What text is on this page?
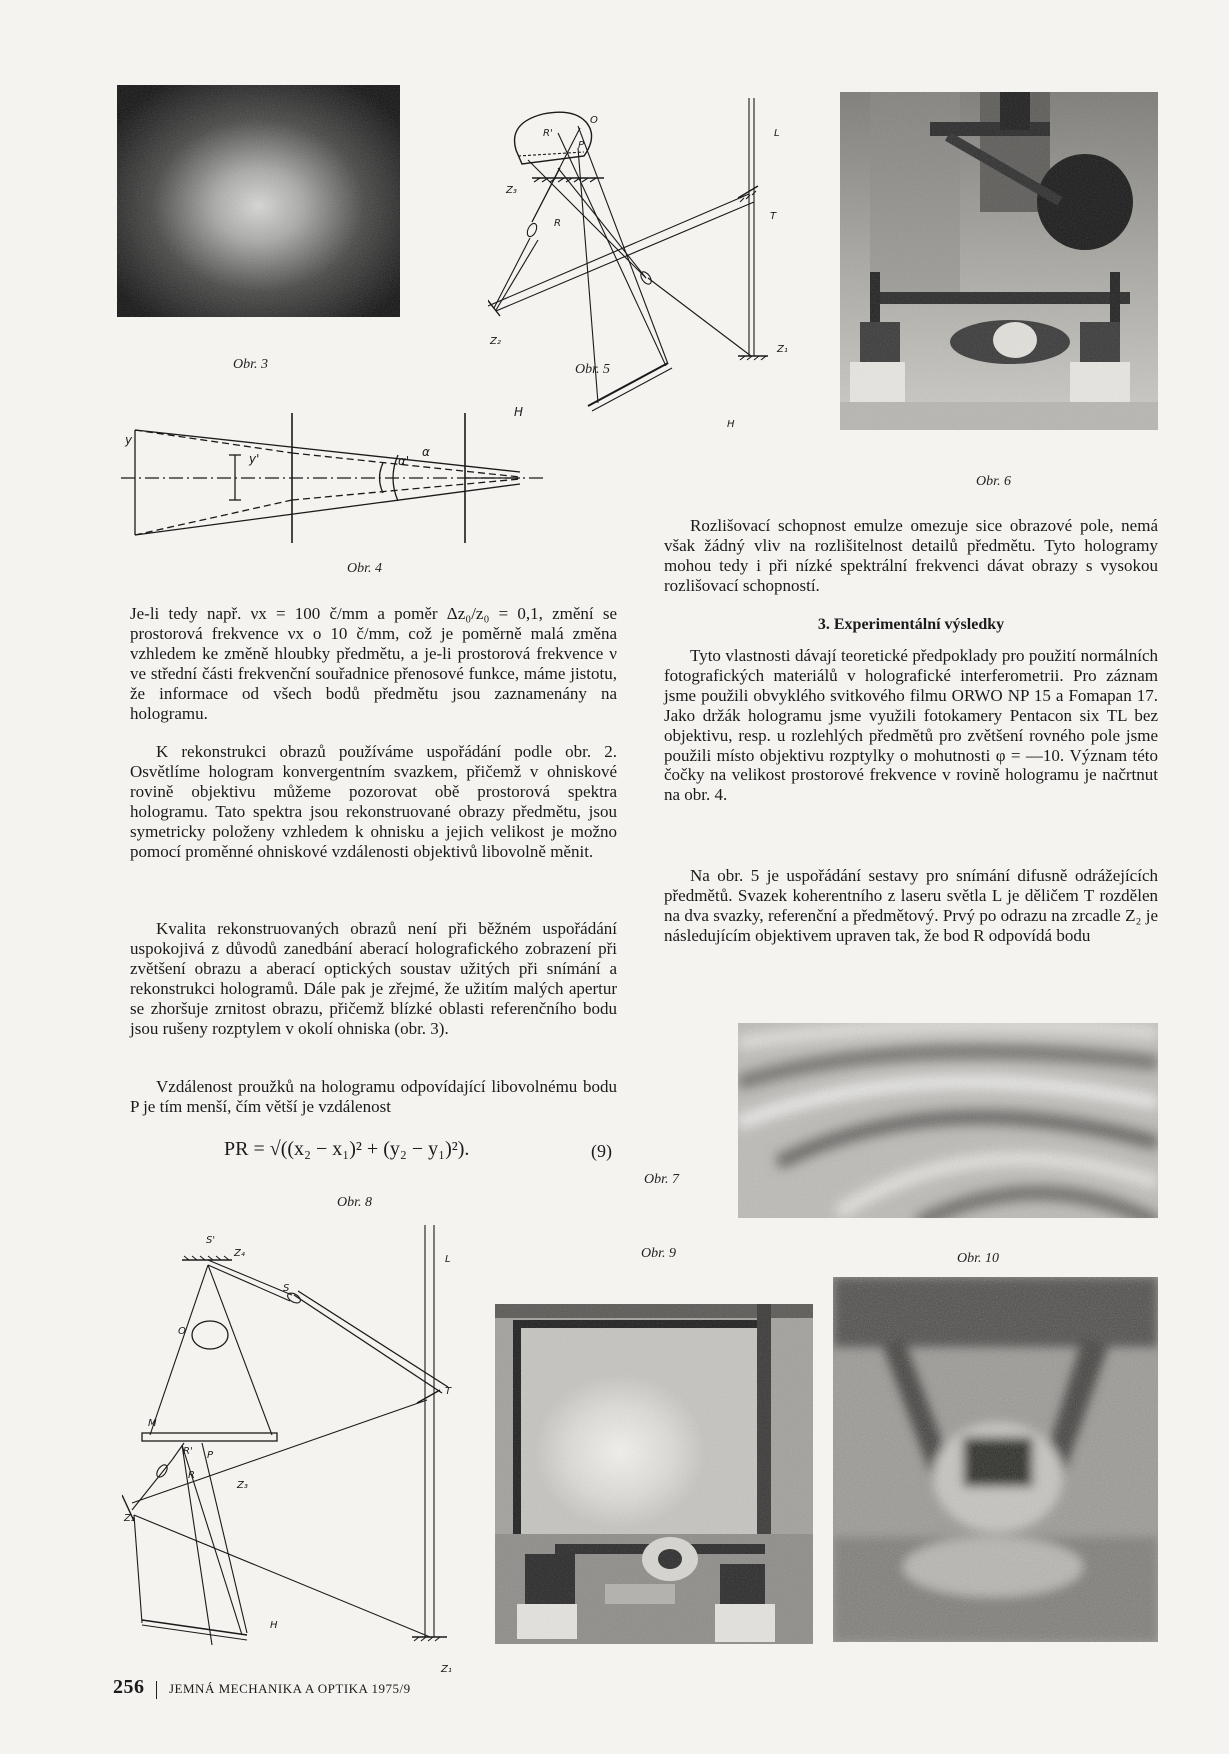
Obr. 3
y
y'	α'
α
H
Obr. 4
O
R'
P
Z₃
R
Z₂
Z₁
L
T
H
Obr. 5
Obr. 6

Je-li tedy např. νx = 100 č/mm a poměr Δz₀/z₀ = 0,1, změní se prostorová frekvence νx o 10 č/mm, což je poměrně malá změna vzhledem ke změně hloubky předmětu, a je-li prostorová frekvence ν ve střední části frekvenční souřadnice přenosové funkce, máme jistotu, že informace od všech bodů předmětu jsou zaznamenány na hologramu.

K rekonstrukci obrazů používáme uspořádání podle obr. 2. Osvětlíme hologram konvergentním svazkem, přičemž v ohniskové rovině objektivu můžeme pozorovat obě prostorová spektra hologramu. Tato spektra jsou rekonstruované obrazy předmětu, jsou symetricky položeny vzhledem k ohnisku a jejich velikost je možno pomocí proměnné ohniskové vzdálenosti objektivů libovolně měnit.

Kvalita rekonstruovaných obrazů není při běžném uspořádání uspokojivá z důvodů zanedbání aberací holografického zobrazení při zvětšení obrazu a aberací optických soustav užitých při snímání a rekonstrukci hologramů. Dále pak je zřejmé, že užitím malých apertur se zhoršuje zrnitost obrazu, přičemž blízké oblasti referenčního bodu jsou rušeny rozptylem v okolí ohniska (obr. 3).

Vzdálenost proužků na hologramu odpovídající libovolnému bodu P je tím menší, čím větší je vzdálenost

PR = √((x₂ − x₁)² + (y₂ − y₁)²).	(9)

Rozlišovací schopnost emulze omezuje sice obrazové pole, nemá však žádný vliv na rozlišitelnost detailů předmětu. Tyto hologramy mohou tedy i při nízké spektrální frekvenci dávat obrazy s vysokou rozlišovací schopností.

3. Experimentální výsledky

Tyto vlastnosti dávají teoretické předpoklady pro použití normálních fotografických materiálů v holografické interferometrii. Pro záznam jsme použili obvyklého svitkového filmu ORWO NP 15 a Fomapan 17. Jako držák hologramu jsme využili fotokamery Pentacon six TL bez objektivu, resp. u rozlehlých předmětů pro zvětšení rovného pole jsme použili místo objektivu rozptylky o mohutnosti φ = —10. Význam této čočky na velikost prostorové frekvence v rovině hologramu je načrtnut na obr. 4.

Na obr. 5 je uspořádání sestavy pro snímání difusně odrážejících předmětů. Svazek koherentního z laseru světla L je děličem T rozdělen na dva svazky, referenční a předmětový. Prvý po odrazu na zrcadle Z₂ je následujícím objektivem upraven tak, že bod R odpovídá bodu

Obr. 7
Obr. 8
S'
Z₄
S
O
M
R' P
R
Z₃
Z₂
H
L
T
Z₁
Obr. 9	Obr. 10
256 JEMNÁ MECHANIKA A OPTIKA 1975/9
